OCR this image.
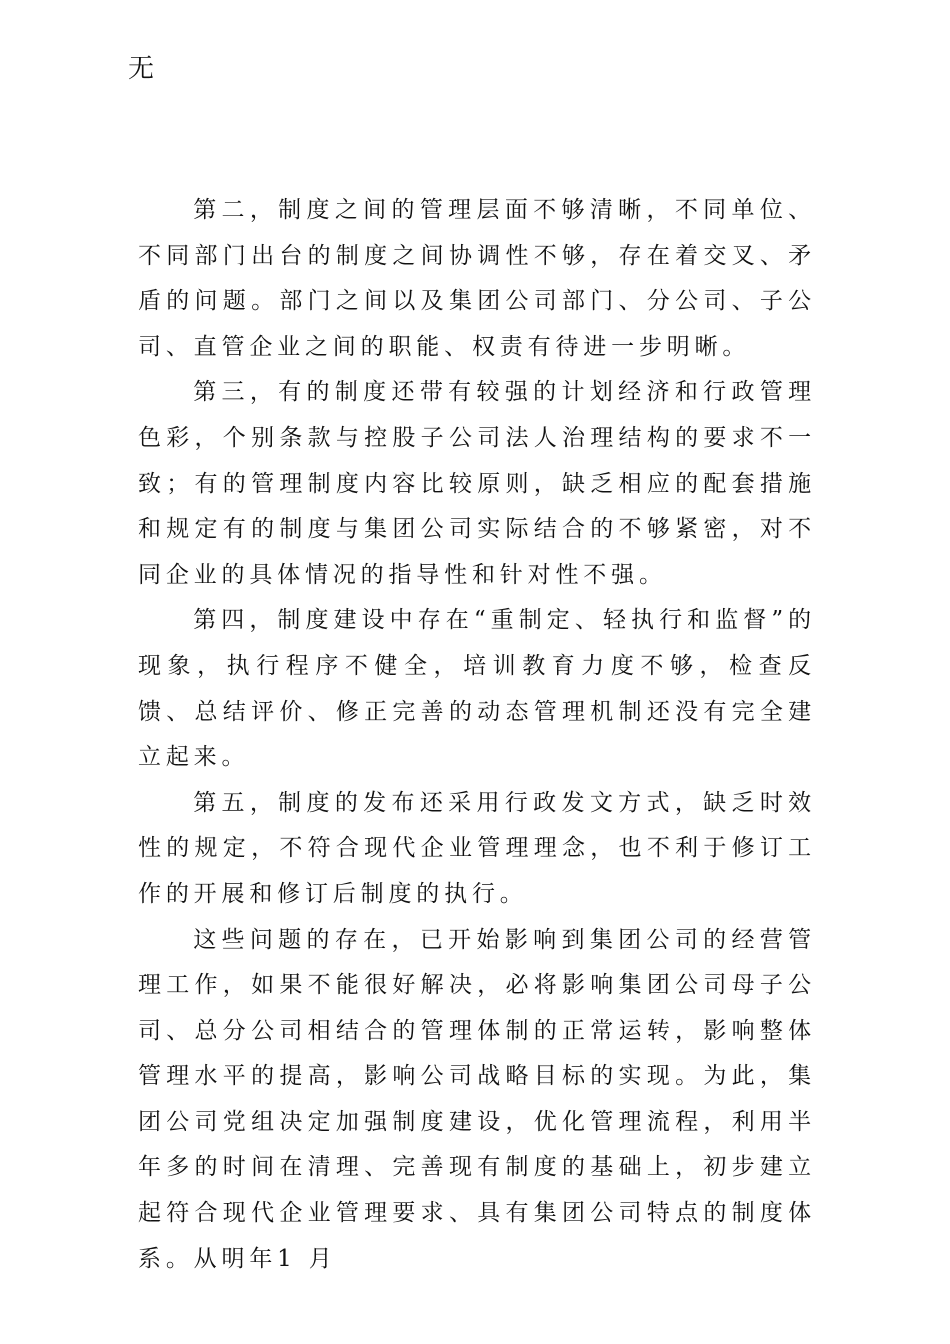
无

第二，制度之间的管理层面不够清晰，不同单位、不同部门出台的制度之间协调性不够，存在着交叉、矛盾的问题。部门之间以及集团公司部门、分公司、子公司、直管企业之间的职能、权责有待进一步明晰。

第三，有的制度还带有较强的计划经济和行政管理色彩，个别条款与控股子公司法人治理结构的要求不一致；有的管理制度内容比较原则，缺乏相应的配套措施和规定有的制度与集团公司实际结合的不够紧密，对不同企业的具体情况的指导性和针对性不强。

第四，制度建设中存在“重制定、轻执行和监督”的现象，执行程序不健全，培训教育力度不够，检查反馈、总结评价、修正完善的动态管理机制还没有完全建立起来。

第五，制度的发布还采用行政发文方式，缺乏时效性的规定，不符合现代企业管理理念，也不利于修订工作的开展和修订后制度的执行。

这些问题的存在，已开始影响到集团公司的经营管理工作，如果不能很好解决，必将影响集团公司母子公司、总分公司相结合的管理体制的正常运转，影响整体管理水平的提高，影响公司战略目标的实现。为此，集团公司党组决定加强制度建设，优化管理流程，利用半年多的时间在清理、完善现有制度的基础上，初步建立起符合现代企业管理要求、具有集团公司特点的制度体系。从明年1 月
